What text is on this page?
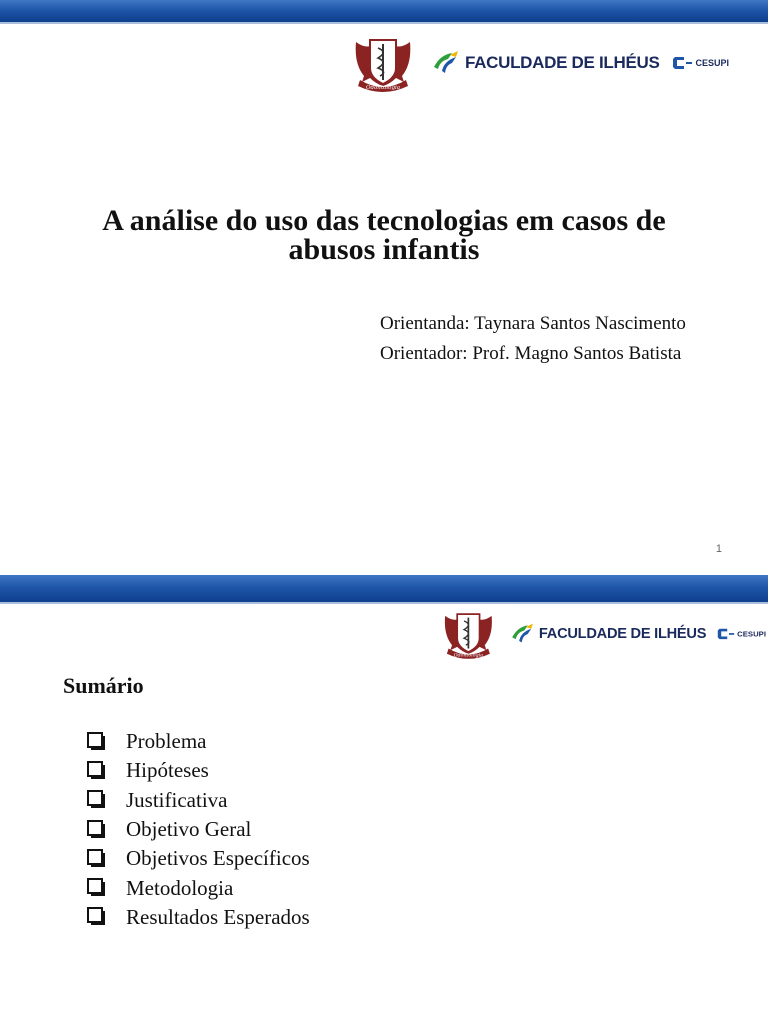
FACULDADE DE ILHÉUS	CESUPI
A análise do uso das tecnologias em casos de
abusos infantis
Orientanda: Taynara Santos Nascimento
Orientador: Prof. Magno Santos Batista
1
FACULDADE DE ILHÉUS	CESUPI
Sumário
Problema
Hipóteses
Justificativa
Objetivo Geral
Objetivos Específicos
Metodologia
Resultados Esperados
